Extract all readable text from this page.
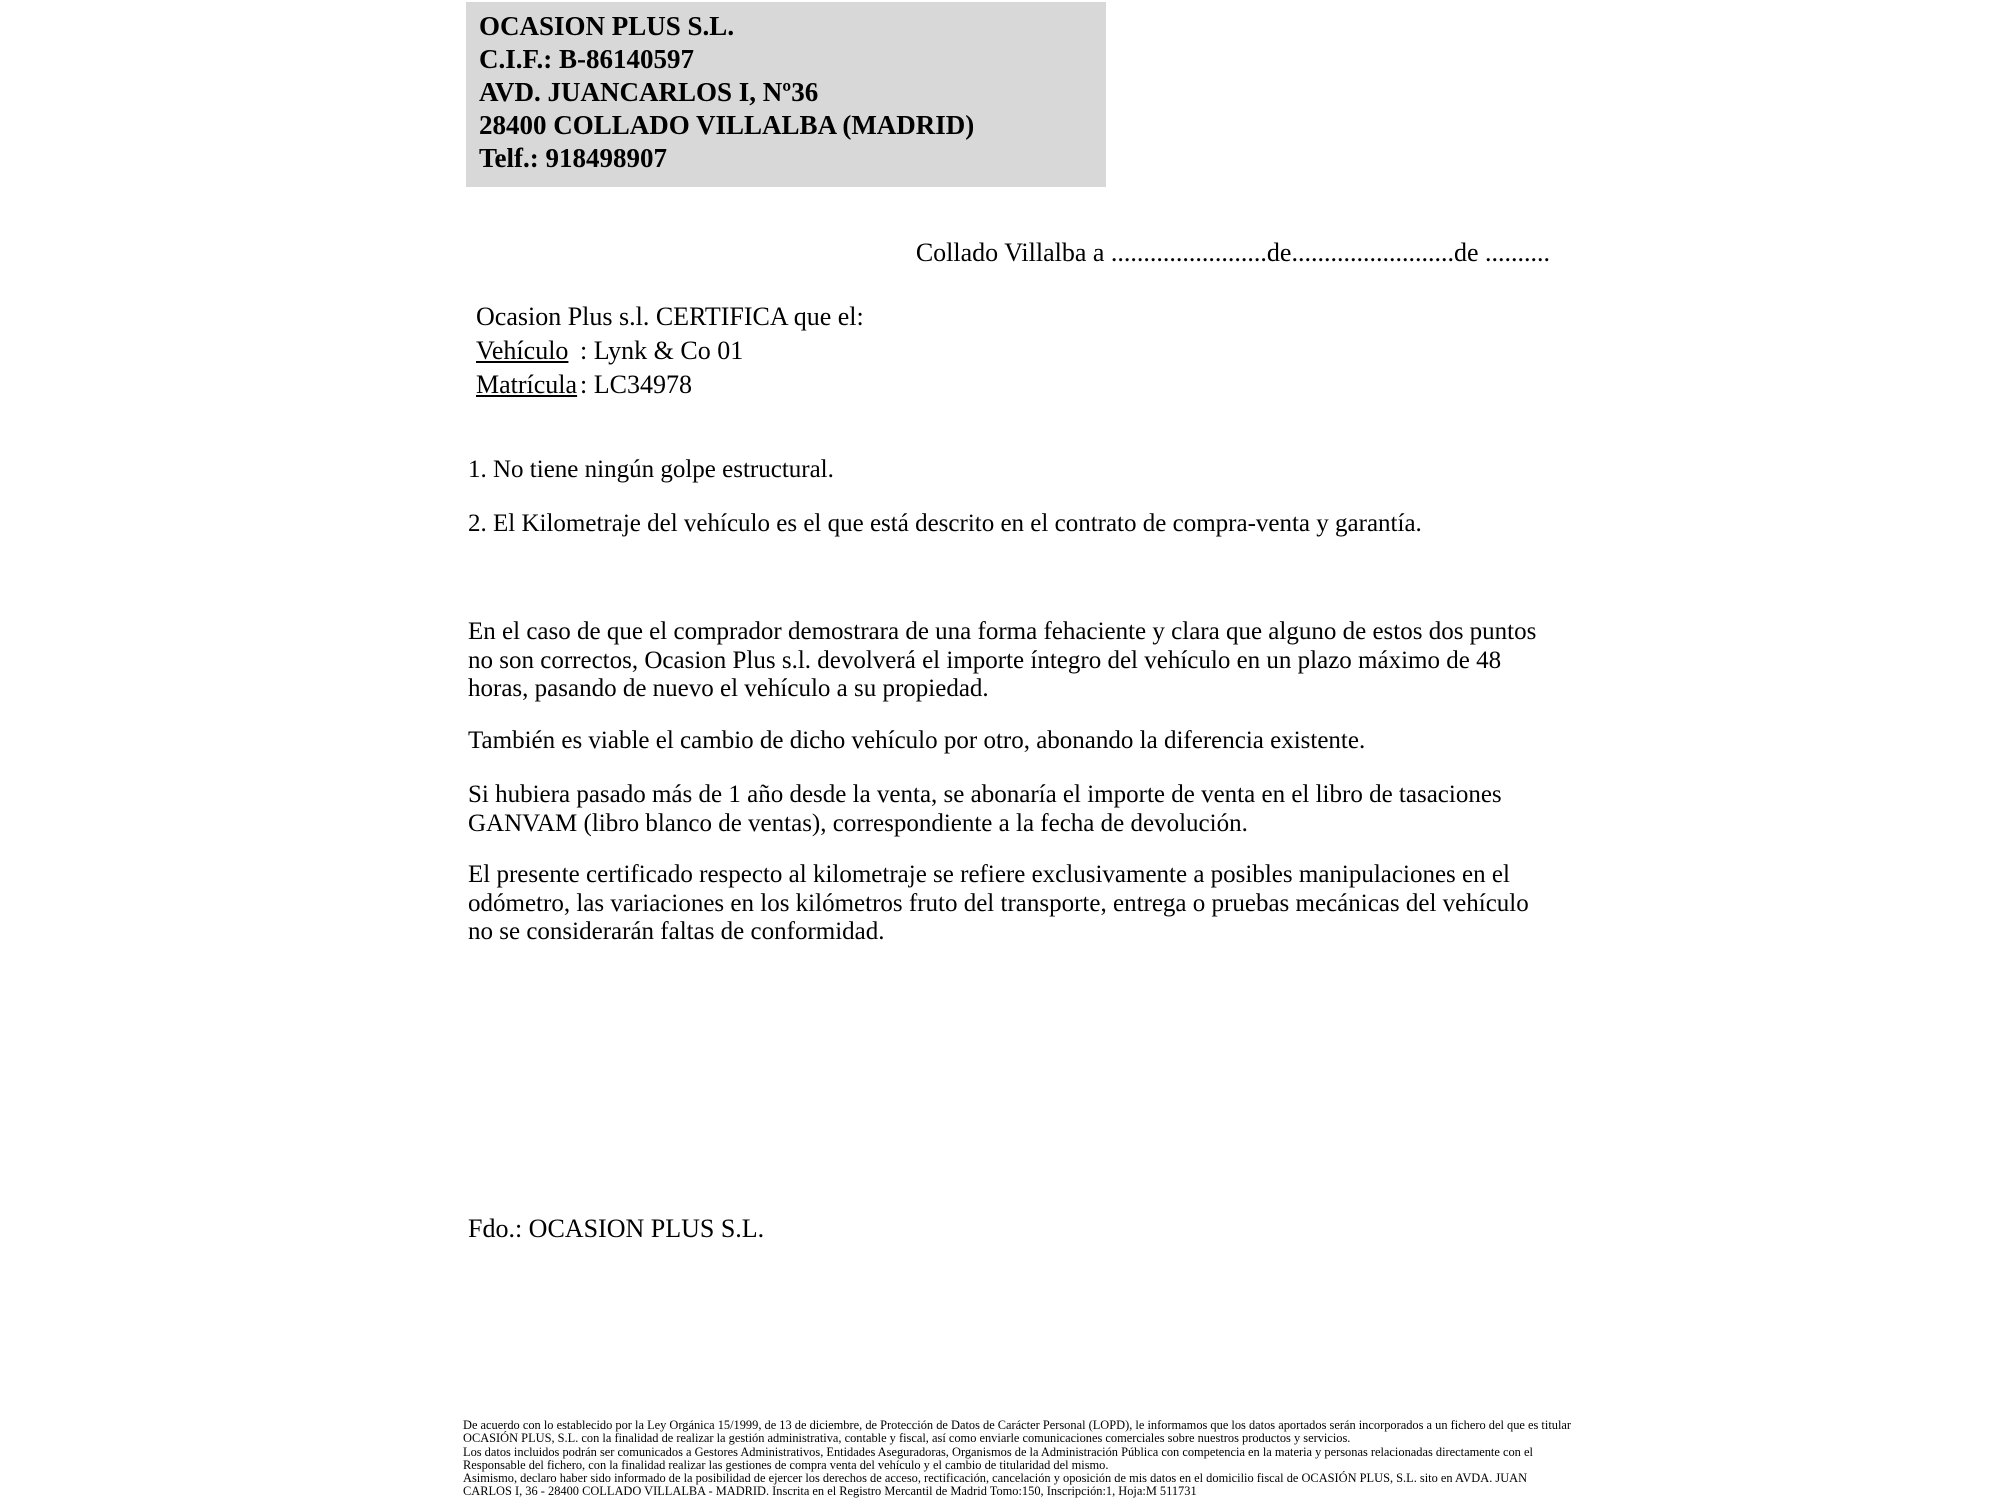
OCASION PLUS S.L.
C.I.F.: B-86140597
AVD. JUANCARLOS I, Nº36
28400 COLLADO VILLALBA (MADRID)
Telf.: 918498907
Collado Villalba a ........................de.........................de ..........
Ocasion Plus s.l. CERTIFICA que el:
Vehículo : Lynk & Co 01
Matrícula : LC34978
1. No tiene ningún golpe estructural.
2. El Kilometraje del vehículo es el que está descrito en el contrato de compra-venta y garantía.
En el caso de que el comprador demostrara de una forma fehaciente y clara que alguno de estos dos puntos no son correctos, Ocasion Plus s.l. devolverá el importe íntegro del vehículo en un plazo máximo de 48 horas, pasando de nuevo el vehículo a su propiedad.
También es viable el cambio de dicho vehículo por otro, abonando la diferencia existente.
Si hubiera pasado más de 1 año desde la venta, se abonaría el importe de venta en el libro de tasaciones GANVAM (libro blanco de ventas), correspondiente a la fecha de devolución.
El presente certificado respecto al kilometraje se refiere exclusivamente a posibles manipulaciones en el odómetro, las variaciones en los kilómetros fruto del transporte, entrega o pruebas mecánicas del vehículo no se considerarán faltas de conformidad.
Fdo.: OCASION PLUS S.L.
De acuerdo con lo establecido por la Ley Orgánica 15/1999, de 13 de diciembre, de Protección de Datos de Carácter Personal (LOPD), le informamos que los datos aportados serán incorporados a un fichero del que es titular
OCASIÓN PLUS, S.L. con la finalidad de realizar la gestión administrativa, contable y fiscal, así como enviarle comunicaciones comerciales sobre nuestros productos y servicios.
Los datos incluidos podrán ser comunicados a Gestores Administrativos, Entidades Aseguradoras, Organismos de la Administración Pública con competencia en la materia y personas relacionadas directamente con el
Responsable del fichero, con la finalidad realizar las gestiones de compra venta del vehículo y el cambio de titularidad del mismo.
Asimismo, declaro haber sido informado de la posibilidad de ejercer los derechos de acceso, rectificación, cancelación y oposición de mis datos en el domicilio fiscal de OCASIÓN PLUS, S.L. sito en AVDA. JUAN
CARLOS I, 36 - 28400 COLLADO VILLALBA - MADRID. Inscrita en el Registro Mercantil de Madrid Tomo:150, Inscripción:1, Hoja:M 511731
